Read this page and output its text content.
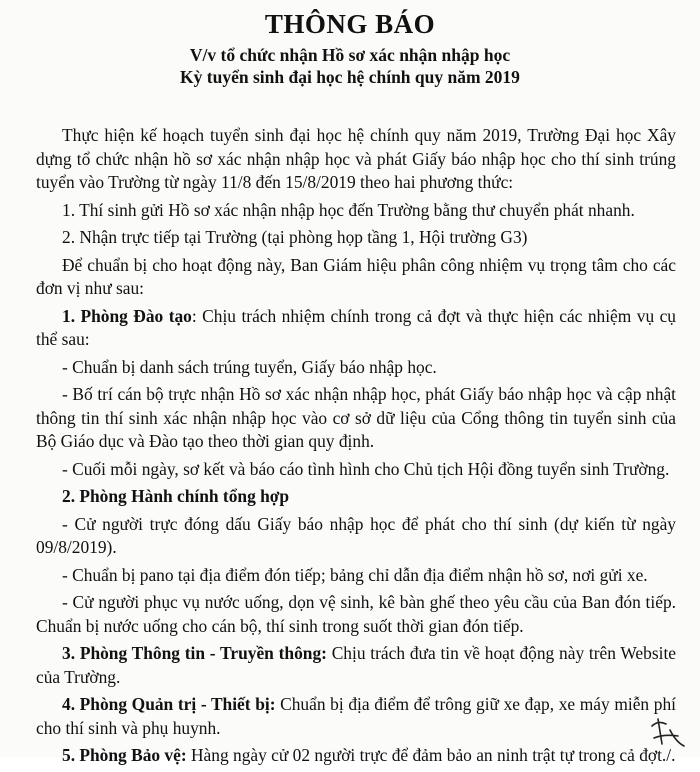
THÔNG BÁO
V/v tổ chức nhận Hồ sơ xác nhận nhập học
Kỳ tuyển sinh đại học hệ chính quy năm 2019

Thực hiện kế hoạch tuyển sinh đại học hệ chính quy năm 2019, Trường Đại học Xây dựng tổ chức nhận hồ sơ xác nhận nhập học và phát Giấy báo nhập học cho thí sinh trúng tuyển vào Trường từ ngày 11/8 đến 15/8/2019 theo hai phương thức:

1. Thí sinh gửi Hồ sơ xác nhận nhập học đến Trường bằng thư chuyển phát nhanh.

2. Nhận trực tiếp tại Trường (tại phòng họp tầng 1, Hội trường G3)

Để chuẩn bị cho hoạt động này, Ban Giám hiệu phân công nhiệm vụ trọng tâm cho các đơn vị như sau:

1. Phòng Đào tạo: Chịu trách nhiệm chính trong cả đợt và thực hiện các nhiệm vụ cụ thể sau:

- Chuẩn bị danh sách trúng tuyển, Giấy báo nhập học.

- Bố trí cán bộ trực nhận Hồ sơ xác nhận nhập học, phát Giấy báo nhập học và cập nhật thông tin thí sinh xác nhận nhập học vào cơ sở dữ liệu của Cổng thông tin tuyển sinh của Bộ Giáo dục và Đào tạo theo thời gian quy định.

- Cuối mỗi ngày, sơ kết và báo cáo tình hình cho Chủ tịch Hội đồng tuyển sinh Trường.

2. Phòng Hành chính tổng hợp

- Cử người trực đóng dấu Giấy báo nhập học để phát cho thí sinh (dự kiến từ ngày 09/8/2019).

- Chuẩn bị pano tại địa điểm đón tiếp; bảng chỉ dẫn địa điểm nhận hồ sơ, nơi gửi xe.

- Cử người phục vụ nước uống, dọn vệ sinh, kê bàn ghế theo yêu cầu của Ban đón tiếp. Chuẩn bị nước uống cho cán bộ, thí sinh trong suốt thời gian đón tiếp.

3. Phòng Thông tin - Truyền thông: Chịu trách đưa tin về hoạt động này trên Website của Trường.

4. Phòng Quản trị - Thiết bị: Chuẩn bị địa điểm để trông giữ xe đạp, xe máy miễn phí cho thí sinh và phụ huynh.

5. Phòng Bảo vệ: Hàng ngày cử 02 người trực để đảm bảo an ninh trật tự trong cả đợt./.
